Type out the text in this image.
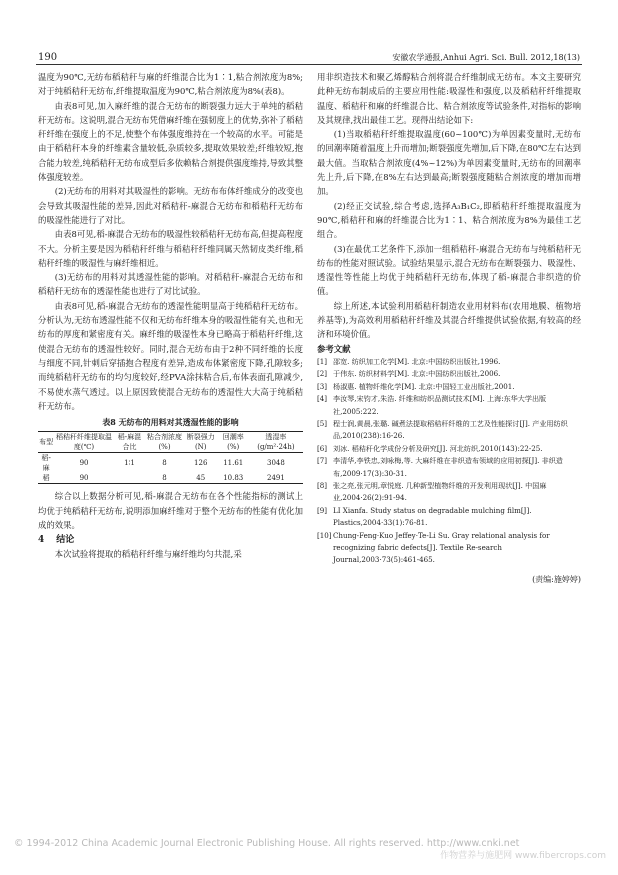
190	安徽农学通报,Anhui Agri. Sci. Bull. 2012,18(13)

温度为90℃,无纺布稻秸秆与麻的纤维混合比为1∶1,粘合剂浓度为8%;对于纯稻秸秆无纺布,纤维提取温度为90℃,粘合剂浓度为8%(表8)。

由表8可见,加入麻纤维的混合无纺布的断裂强力远大于单纯的稻秸秆无纺布。这说明,混合无纺布凭借麻纤维在强韧度上的优势,弥补了稻秸秆纤维在强度上的不足,使整个布体强度维持在一个较高的水平。可能是由于稻秸秆本身的纤维素含量较低,杂质较多,提取效果较差;纤维较短,抱合能力较差,纯稻秸秆无纺布成型后多依赖粘合剂提供强度维持,导致其整体强度较差。

(2)无纺布的用料对其吸湿性的影响。无纺布布体纤维成分的改变也会导致其吸湿性能的差异,因此对稻秸秆-麻混合无纺布和稻秸秆无纺布的吸湿性能进行了对比。

由表8可见,稻-麻混合无纺布的吸湿性较稻秸秆无纺布高,但提高程度不大。分析主要是因为稻秸秆纤维与稻秸秆纤维同属天然韧皮类纤维,稻秸秆纤维的吸湿性与麻纤维相近。

(3)无纺布的用料对其透湿性能的影响。对稻秸秆-麻混合无纺布和稻秸秆无纺布的透湿性能也进行了对比试验。

由表8可见,稻-麻混合无纺布的透湿性能明显高于纯稻秸秆无纺布。分析认为,无纺布透湿性能不仅和无纺布纤维本身的吸湿性能有关,也和无纺布的厚度和紧密度有关。麻纤维的吸湿性本身已略高于稻秸秆纤维,这使混合无纺布的透湿性较好。同时,混合无纺布由于2种不同纤维的长度与细度不同,针刺后穿插抱合程度有差异,造成布体紧密度下降,孔隙较多;而纯稻秸秆无纺布的均匀度较好,经PVA涂抹粘合后,布体表面孔隙减少,不易使水蒸气透过。以上原因致使混合无纺布的透湿性大大高于纯稻秸秆无纺布。

表8 无纺布的用料对其透湿性能的影响
布型	稻秸秆纤维提取温度(℃)	稻-麻混合比	粘合剂浓度(%)	断裂强力(N)	回潮率(%)	透湿率(g/m²·24h)
稻-麻	90	1∶1	8	126	11.61	3048
稻	90		8	45	10.83	2491

综合以上数据分析可见,稻-麻混合无纺布在各个性能指标的测试上均优于纯稻秸秆无纺布,说明添加麻纤维对于整个无纺布的性能有优化加成的效果。

4 结论

本次试验将提取的稻秸秆纤维与麻纤维均匀共混,采

用非织造技术和聚乙烯醇粘合剂将混合纤维制成无纺布。本文主要研究此种无纺布制成后的主要应用性能:吸湿性和强度,以及稻秸秆纤维提取温度、稻秸秆和麻的纤维混合比、粘合剂浓度等试验条件,对指标的影响及其规律,找出最佳工艺。现得出结论如下:

(1)当取稻秸秆纤维提取温度(60~100℃)为单因素变量时,无纺布的回潮率随着温度上升而增加;断裂强度先增加,后下降,在80℃左右达到最大值。当取粘合剂浓度(4%~12%)为单因素变量时,无纺布的回潮率先上升,后下降,在8%左右达到最高;断裂强度随粘合剂浓度的增加而增加。

(2)经正交试验,综合考虑,选择A₃B₁C₂,即稻秸秆纤维提取温度为90℃,稻秸秆和麻的纤维混合比为1∶1、粘合剂浓度为8%为最佳工艺组合。

(3)在最优工艺条件下,添加一组稻秸秆-麻混合无纺布与纯稻秸秆无纺布的性能对照试验。试验结果显示,混合无纺布在断裂强力、吸湿性、透湿性等性能上均优于纯稻秸秆无纺布,体现了稻-麻混合非织造的价值。

综上所述,本试验利用稻秸秆制造农业用材料布(农用地膜、植物培养基等),为高效利用稻秸秆纤维及其混合纤维提供试验依据,有较高的经济和环境价值。

参考文献
[1] 邵宽. 纺织加工化学[M]. 北京:中国纺织出版社,1996.
[2] 于伟东. 纺织材料学[M]. 北京:中国纺织出版社,2006.
[3] 杨淑惠. 植物纤维化学[M]. 北京:中国轻工业出版社,2001.
[4] 李汝琴,宋钧才,朱浩. 纤维和纺织品测试技术[M]. 上海:东华大学出版社,2005:222.
[5] 程士润,黄晨,张璐. 碱煮法提取稻秸秆纤维的工艺及性能探讨[J]. 产业用纺织品,2010(238):16-26.
[6] 刘冰. 稻秸秆化学成份分析及研究[J]. 河北纺织,2010(143):22-25.
[7] 李清华,李铁忠,刘咏梅,等. 大麻纤维在非织造布领域的应用初探[J]. 非织造布,2009·17(3):30-31.
[8] 张之亮,张元明,章悦庭. 几种新型植物纤维的开发利用现状[J]. 中国麻业,2004·26(2):91-94.
[9] LI Xianfa. Study status on degradable mulching film[J]. Plastics,2004·33(1):76-81.
[10] Chung-Feng·Kuo Jeffey·Te-Li Su. Gray relational analysis for recognizing fabric defects[J]. Textile Re-search Journal,2003·73(5):461-465.
(责编:施婷婷)
© 1994-2012 China Academic Journal Electronic Publishing House. All rights reserved. http://www.cnki.net
作物营养与施肥网 www.fibercrops.com
